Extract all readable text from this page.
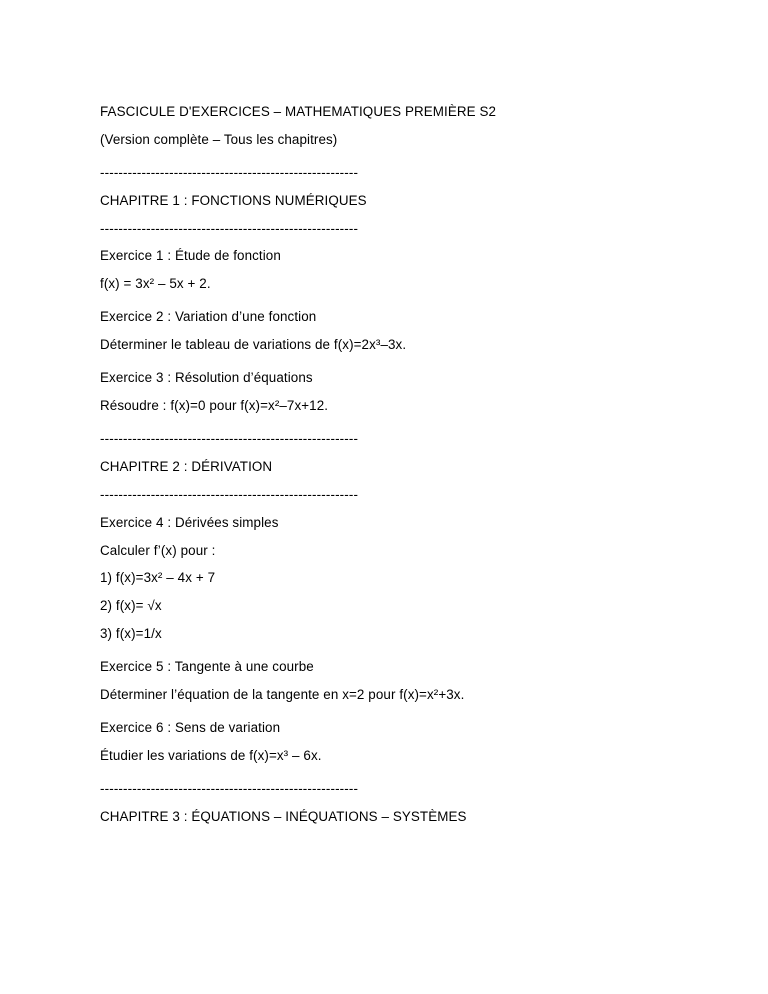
FASCICULE D'EXERCICES – MATHEMATIQUES PREMIÈRE S2

(Version complète – Tous les chapitres)

--------------------------------------------------------

CHAPITRE 1 : FONCTIONS NUMÉRIQUES

--------------------------------------------------------

Exercice 1 : Étude de fonction

f(x) = 3x² – 5x + 2.

Exercice 2 : Variation d’une fonction

Déterminer le tableau de variations de f(x)=2x³–3x.

Exercice 3 : Résolution d’équations

Résoudre : f(x)=0 pour f(x)=x²–7x+12.

--------------------------------------------------------

CHAPITRE 2 : DÉRIVATION

--------------------------------------------------------

Exercice 4 : Dérivées simples

Calculer f’(x) pour :

1) f(x)=3x² – 4x + 7

2) f(x)= √x

3) f(x)=1/x

Exercice 5 : Tangente à une courbe

Déterminer l’équation de la tangente en x=2 pour f(x)=x²+3x.

Exercice 6 : Sens de variation

Étudier les variations de f(x)=x³ – 6x.

--------------------------------------------------------

CHAPITRE 3 : ÉQUATIONS – INÉQUATIONS – SYSTÈMES
